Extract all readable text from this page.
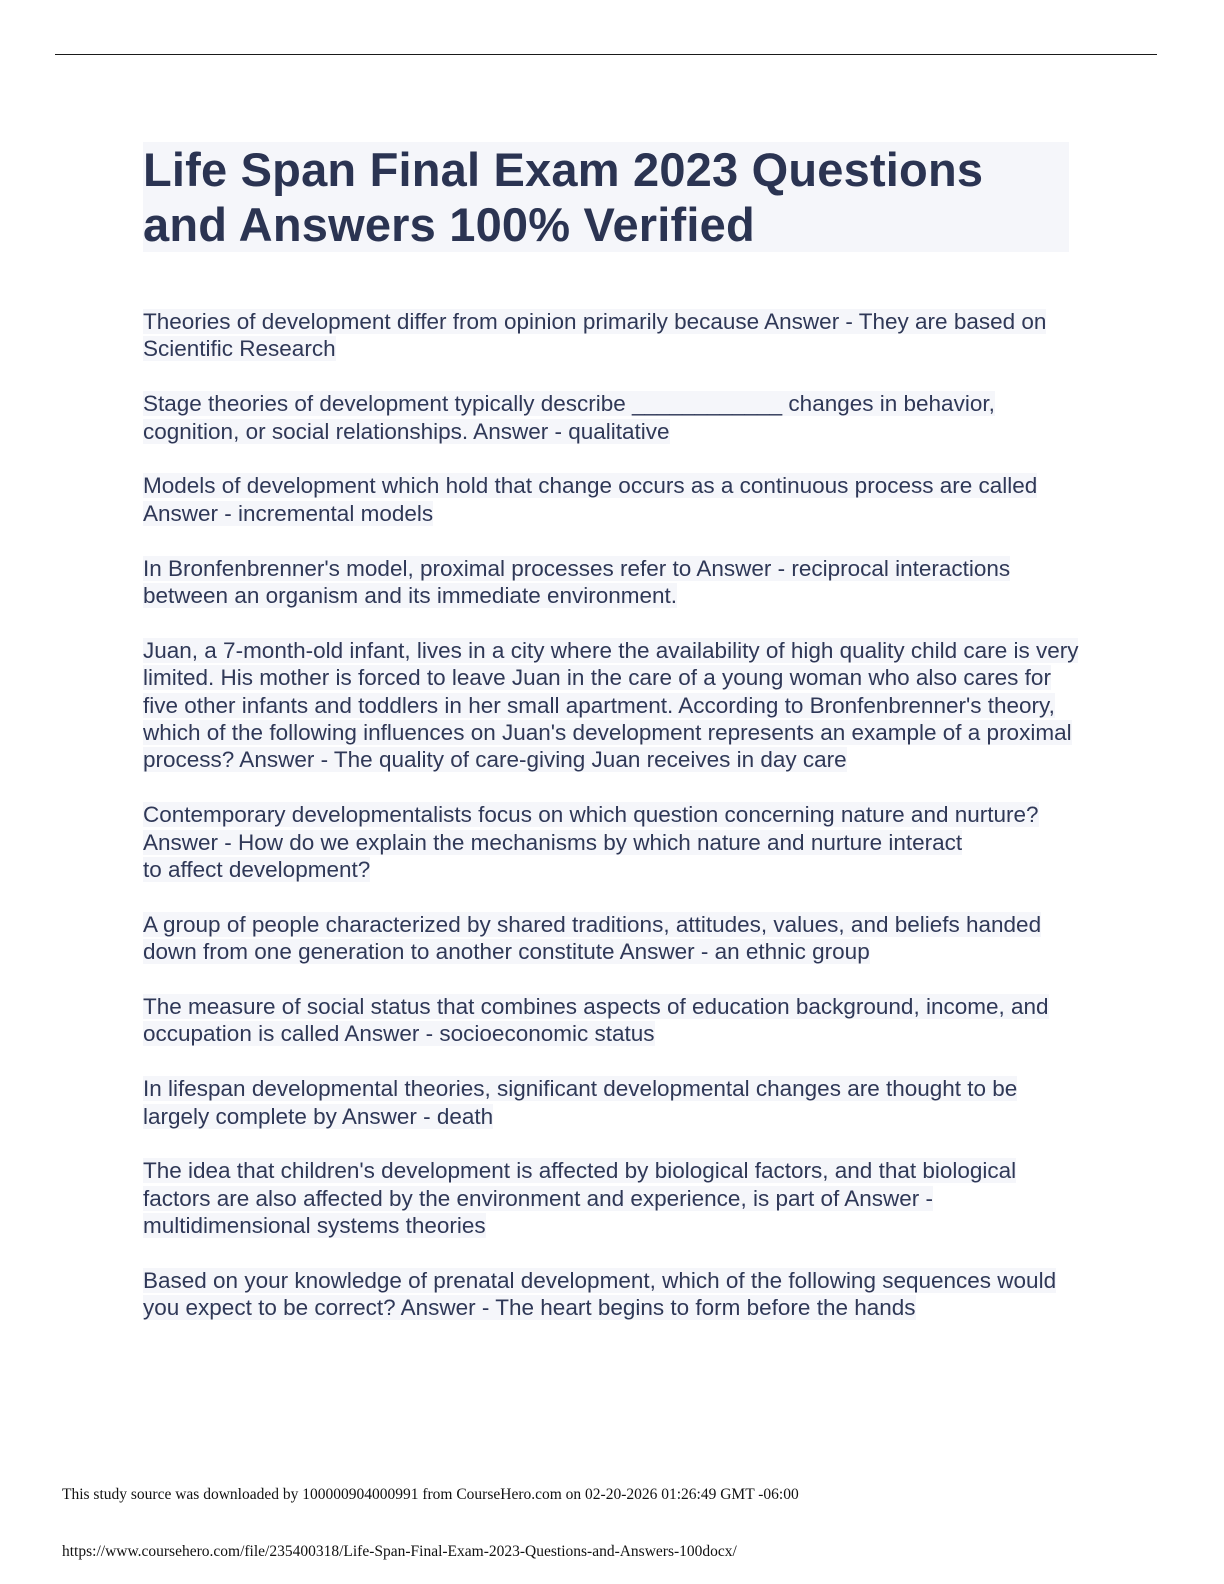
Life Span Final Exam 2023 Questions and Answers 100% Verified

Theories of development differ from opinion primarily because Answer - They are based on Scientific Research

Stage theories of development typically describe ____________ changes in behavior, cognition, or social relationships. Answer - qualitative

Models of development which hold that change occurs as a continuous process are called Answer - incremental models

In Bronfenbrenner's model, proximal processes refer to Answer - reciprocal interactions between an organism and its immediate environment.

Juan, a 7-month-old infant, lives in a city where the availability of high quality child care is very limited. His mother is forced to leave Juan in the care of a young woman who also cares for five other infants and toddlers in her small apartment. According to Bronfenbrenner's theory, which of the following influences on Juan's development represents an example of a proximal process? Answer - The quality of care-giving Juan receives in day care

Contemporary developmentalists focus on which question concerning nature and nurture? Answer - How do we explain the mechanisms by which nature and nurture interact
to affect development?

A group of people characterized by shared traditions, attitudes, values, and beliefs handed down from one generation to another constitute Answer - an ethnic group

The measure of social status that combines aspects of education background, income, and occupation is called Answer - socioeconomic status

In lifespan developmental theories, significant developmental changes are thought to be largely complete by Answer - death

The idea that children's development is affected by biological factors, and that biological factors are also affected by the environment and experience, is part of Answer - multidimensional systems theories

Based on your knowledge of prenatal development, which of the following sequences would you expect to be correct? Answer - The heart begins to form before the hands

This study source was downloaded by 100000904000991 from CourseHero.com on 02-20-2026 01:26:49 GMT -06:00
https://www.coursehero.com/file/235400318/Life-Span-Final-Exam-2023-Questions-and-Answers-100docx/
